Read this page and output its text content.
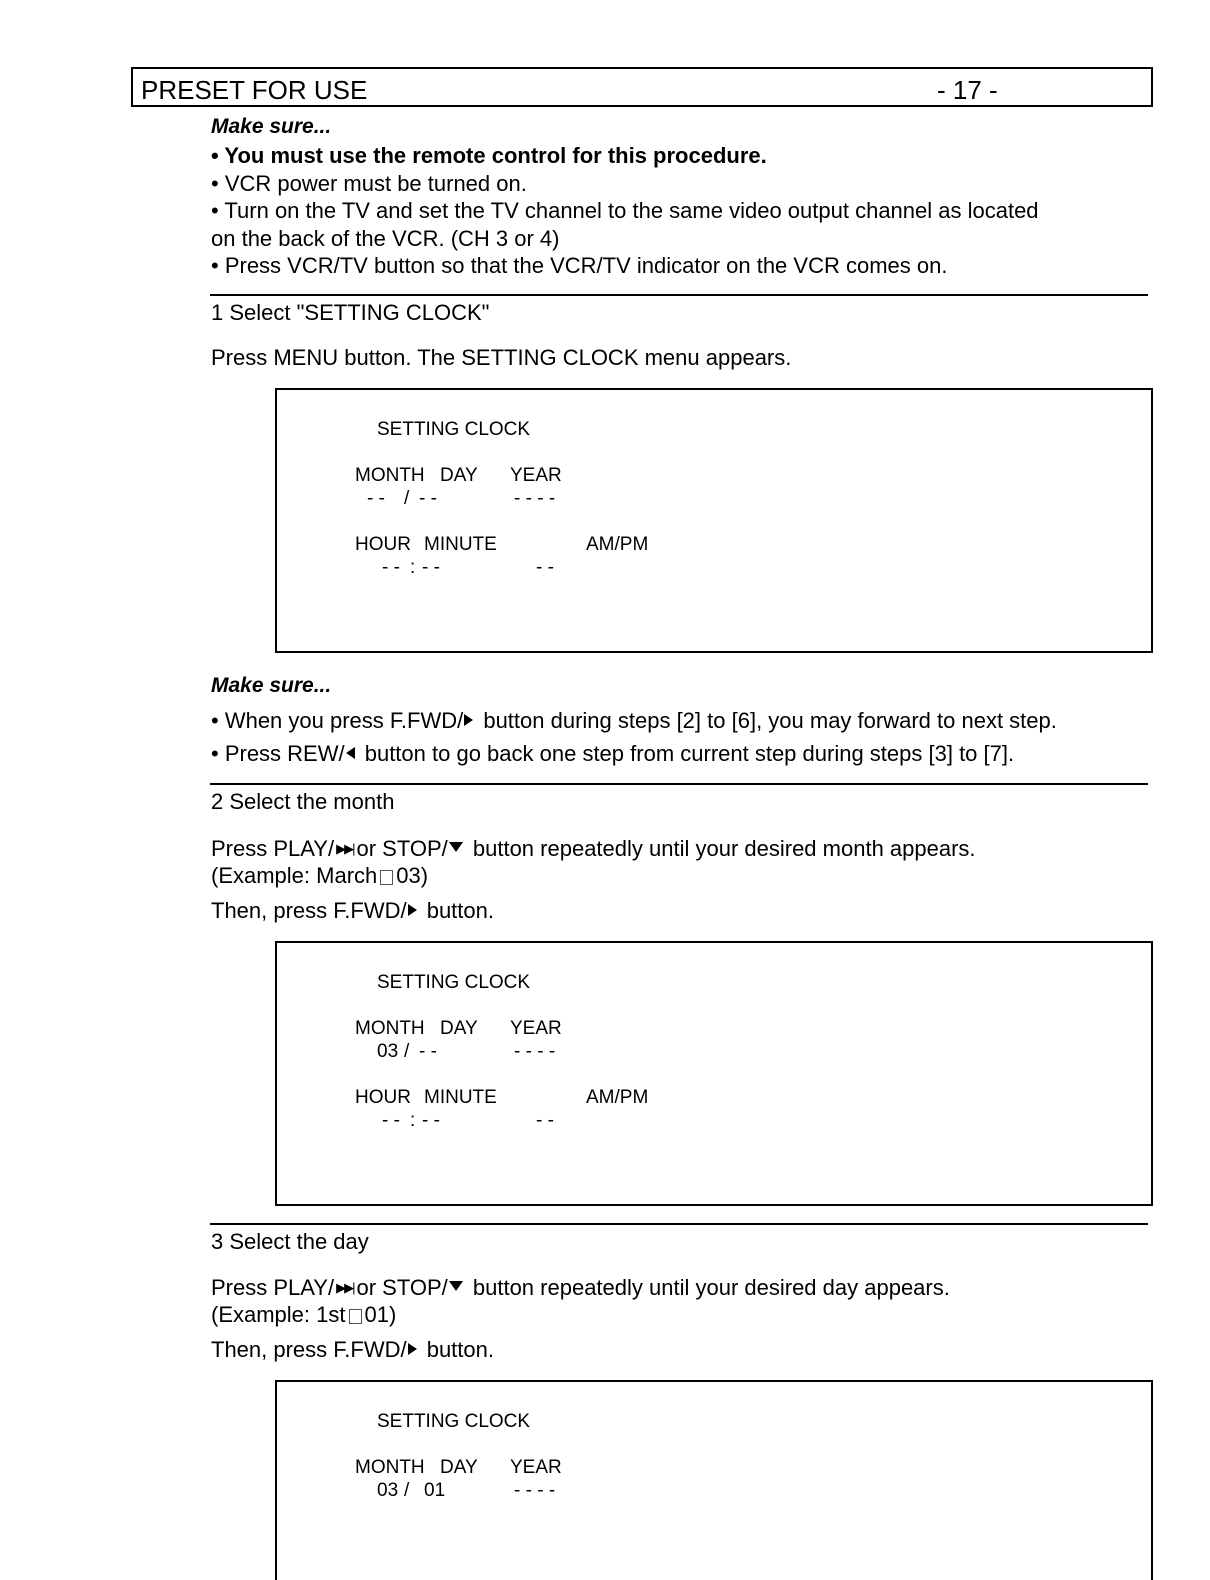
PRESET FOR USE	- 17 -
Make sure...
• You must use the remote control for this procedure.
• VCR power must be turned on.
• Turn on the TV and set the TV channel to the same video output channel as located
on the back of the VCR. (CH 3 or 4)
• Press VCR/TV button so that the VCR/TV indicator on the VCR comes on.
1 Select "SETTING CLOCK"
Press MENU button. The SETTING CLOCK menu appears.
SETTING CLOCK
MONTH DAY YEAR
- - / - -	- - - -
HOUR MINUTE	AM/PM
- - : - -	- -
Make sure...
• When you press F.FWD/ button during steps [2] to [6], you may forward to next step.
• Press REW/ button to go back one step from current step during steps [3] to [7].
2 Select the month
Press PLAY/ ▶▶| or STOP/ button repeatedly until your desired month appears.
(Example: March 03)
Then, press F.FWD/ button.
SETTING CLOCK
MONTH DAY YEAR
03 / - -	- - - -
HOUR MINUTE	AM/PM
- - : - -	- -
3 Select the day
Press PLAY/ ▶▶| or STOP/ button repeatedly until your desired day appears.
(Example: 1st 01)
Then, press F.FWD/ button.
SETTING CLOCK
MONTH DAY YEAR
03 / 01	- - - -
